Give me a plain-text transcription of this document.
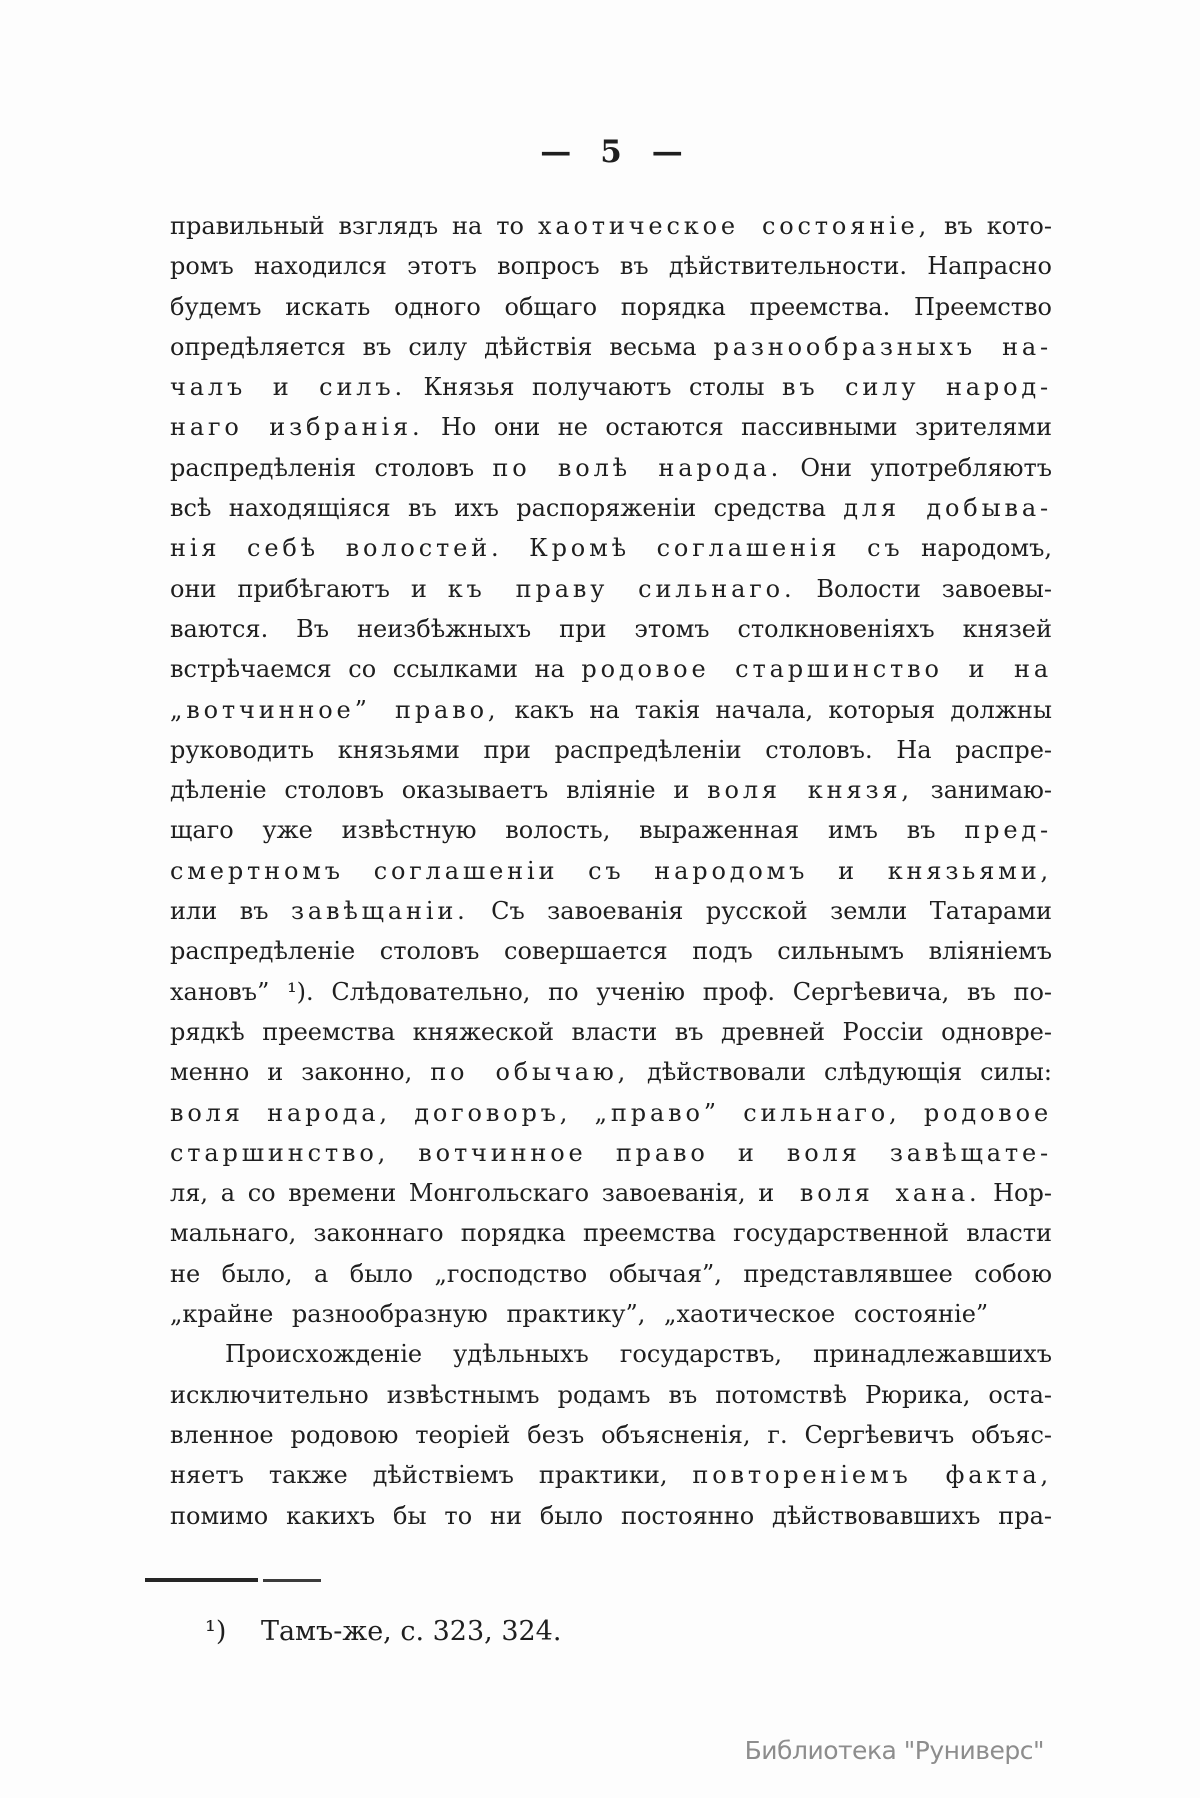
— 5 —
правильный взглядъ на то хаотическое состояніе, въ кото-
ромъ находился этотъ вопросъ въ дѣйствительности. Напрасно
будемъ искать одного общаго порядка преемства. Преемство
опредѣляется въ силу дѣйствія весьма разнообразныхъ на-
чалъ и силъ. Князья получаютъ столы въ силу народ-
наго избранія. Но они не остаются пассивными зрителями
распредѣленія столовъ по волѣ народа. Они употребляютъ
всѣ находящіяся въ ихъ распоряженіи средства для добыва-
нія себѣ волостей. Кромѣ соглашенія съ народомъ,
они прибѣгаютъ и къ праву сильнаго. Волости завоевы-
ваются. Въ неизбѣжныхъ при этомъ столкновеніяхъ князей
встрѣчаемся со ссылками на родовое старшинство и на
„вотчинное” право, какъ на такія начала, которыя должны
руководить князьями при распредѣленіи столовъ. На распре-
дѣленіе столовъ оказываетъ вліяніе и воля князя, занимаю-
щаго уже извѣстную волость, выраженная имъ въ пред-
смертномъ соглашеніи съ народомъ и князьями,
или въ завѣщаніи. Съ завоеванія русской земли Татарами
распредѣленіе столовъ совершается подъ сильнымъ вліяніемъ
хановъ” ¹). Слѣдовательно, по ученію проф. Сергѣевича, въ по-
рядкѣ преемства княжеской власти въ древней Россіи одновре-
менно и законно, по обычаю, дѣйствовали слѣдующія силы:
воля народа, договоръ, „право” сильнаго, родовое
старшинство, вотчинное право и воля завѣщате-
ля, а со времени Монгольскаго завоеванія, и воля хана. Нор-
мальнаго, законнаго порядка преемства государственной власти
не было, а было „господство обычая”, представлявшее собою
„крайне разнообразную практику”, „хаотическое состояніе”
Происхожденіе удѣльныхъ государствъ, принадлежавшихъ
исключительно извѣстнымъ родамъ въ потомствѣ Рюрика, оста-
вленное родовою теоріей безъ объясненія, г. Сергѣевичъ объяс-
няетъ также дѣйствіемъ практики, повтореніемъ факта,
помимо какихъ бы то ни было постоянно дѣйствовавшихъ пра-
¹) Тамъ-же, с. 323, 324.
Библиотека "Руниверс"
